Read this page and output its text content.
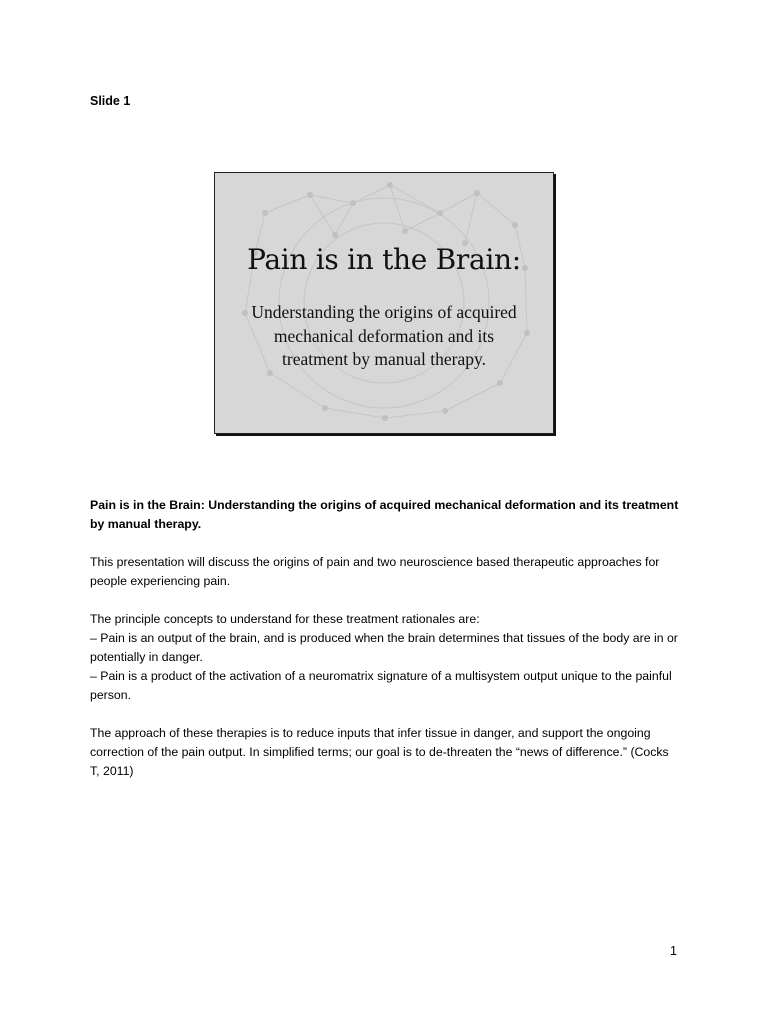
Slide 1
Pain is in the Brain:
Understanding the origins of acquired mechanical deformation and its treatment by manual therapy.

Pain is in the Brain: Understanding the origins of acquired mechanical deformation and its treatment by manual therapy.

This presentation will discuss the origins of pain and two neuroscience based therapeutic approaches for people experiencing pain.

The principle concepts to understand for these treatment rationales are:
– Pain is an output of the brain, and is produced when the brain determines that tissues of the body are in or potentially in danger.
– Pain is a product of the activation of a neuromatrix signature of a multisystem output unique to the painful person.

The approach of these therapies is to reduce inputs that infer tissue in danger, and support the ongoing correction of the pain output. In simplified terms; our goal is to de-threaten the “news of difference.” (Cocks T, 2011)

1
